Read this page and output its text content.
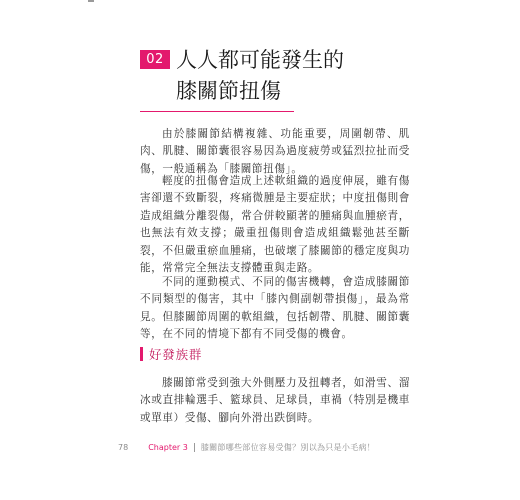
02 人人都可能發生的
膝關節扭傷

由於膝關節結構複雜、功能重要，周圍韌帶、肌肉、肌腱、關節囊很容易因為過度疲勞或猛烈拉扯而受傷，一般通稱為「膝關節扭傷」。

輕度的扭傷會造成上述軟組織的過度伸展，雖有傷害卻還不致斷裂，疼痛微腫是主要症狀；中度扭傷則會造成組織分離裂傷，常合併較顯著的腫痛與血腫瘀青，也無法有效支撐；嚴重扭傷則會造成組織鬆弛甚至斷裂，不但嚴重瘀血腫痛，也破壞了膝關節的穩定度與功能，常常完全無法支撐體重與走路。

不同的運動模式、不同的傷害機轉，會造成膝關節不同類型的傷害，其中「膝內側副韌帶損傷」，最為常見。但膝關節周圍的軟組織，包括韌帶、肌腱、關節囊等，在不同的情境下都有不同受傷的機會。

好發族群

膝關節常受到強大外側壓力及扭轉者，如滑雪、溜冰或直排輪選手、籃球員、足球員，車禍（特別是機車或單車）受傷、腳向外滑出跌倒時。

78	Chapter 3 膝關節哪些部位容易受傷？別以為只是小毛病！
